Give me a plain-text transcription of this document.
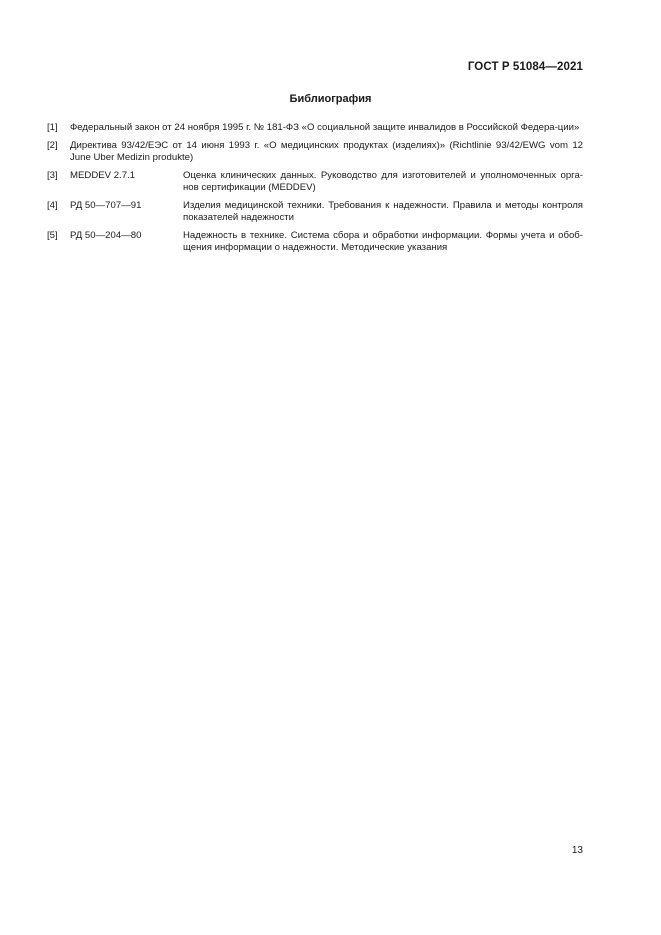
ГОСТ Р 51084—2021
Библиография
[1]	Федеральный закон от 24 ноября 1995 г. № 181-ФЗ «О социальной защите инвалидов в Российской Федера-ции»
[2]	Директива 93/42/ЕЭС от 14 июня 1993 г. «О медицинских продуктах (изделиях)» (Richtlinie 93/42/EWG vom 12 June Uber Medizin produkte)
[3]	MEDDEV 2.7.1	Оценка клинических данных. Руководство для изготовителей и уполномоченных орга-нов сертификации (MEDDEV)
[4]	РД 50—707—91	Изделия медицинской техники. Требования к надежности. Правила и методы контроля показателей надежности
[5]	РД 50—204—80	Надежность в технике. Система сбора и обработки информации. Формы учета и обоб-щения информации о надежности. Методические указания
13
